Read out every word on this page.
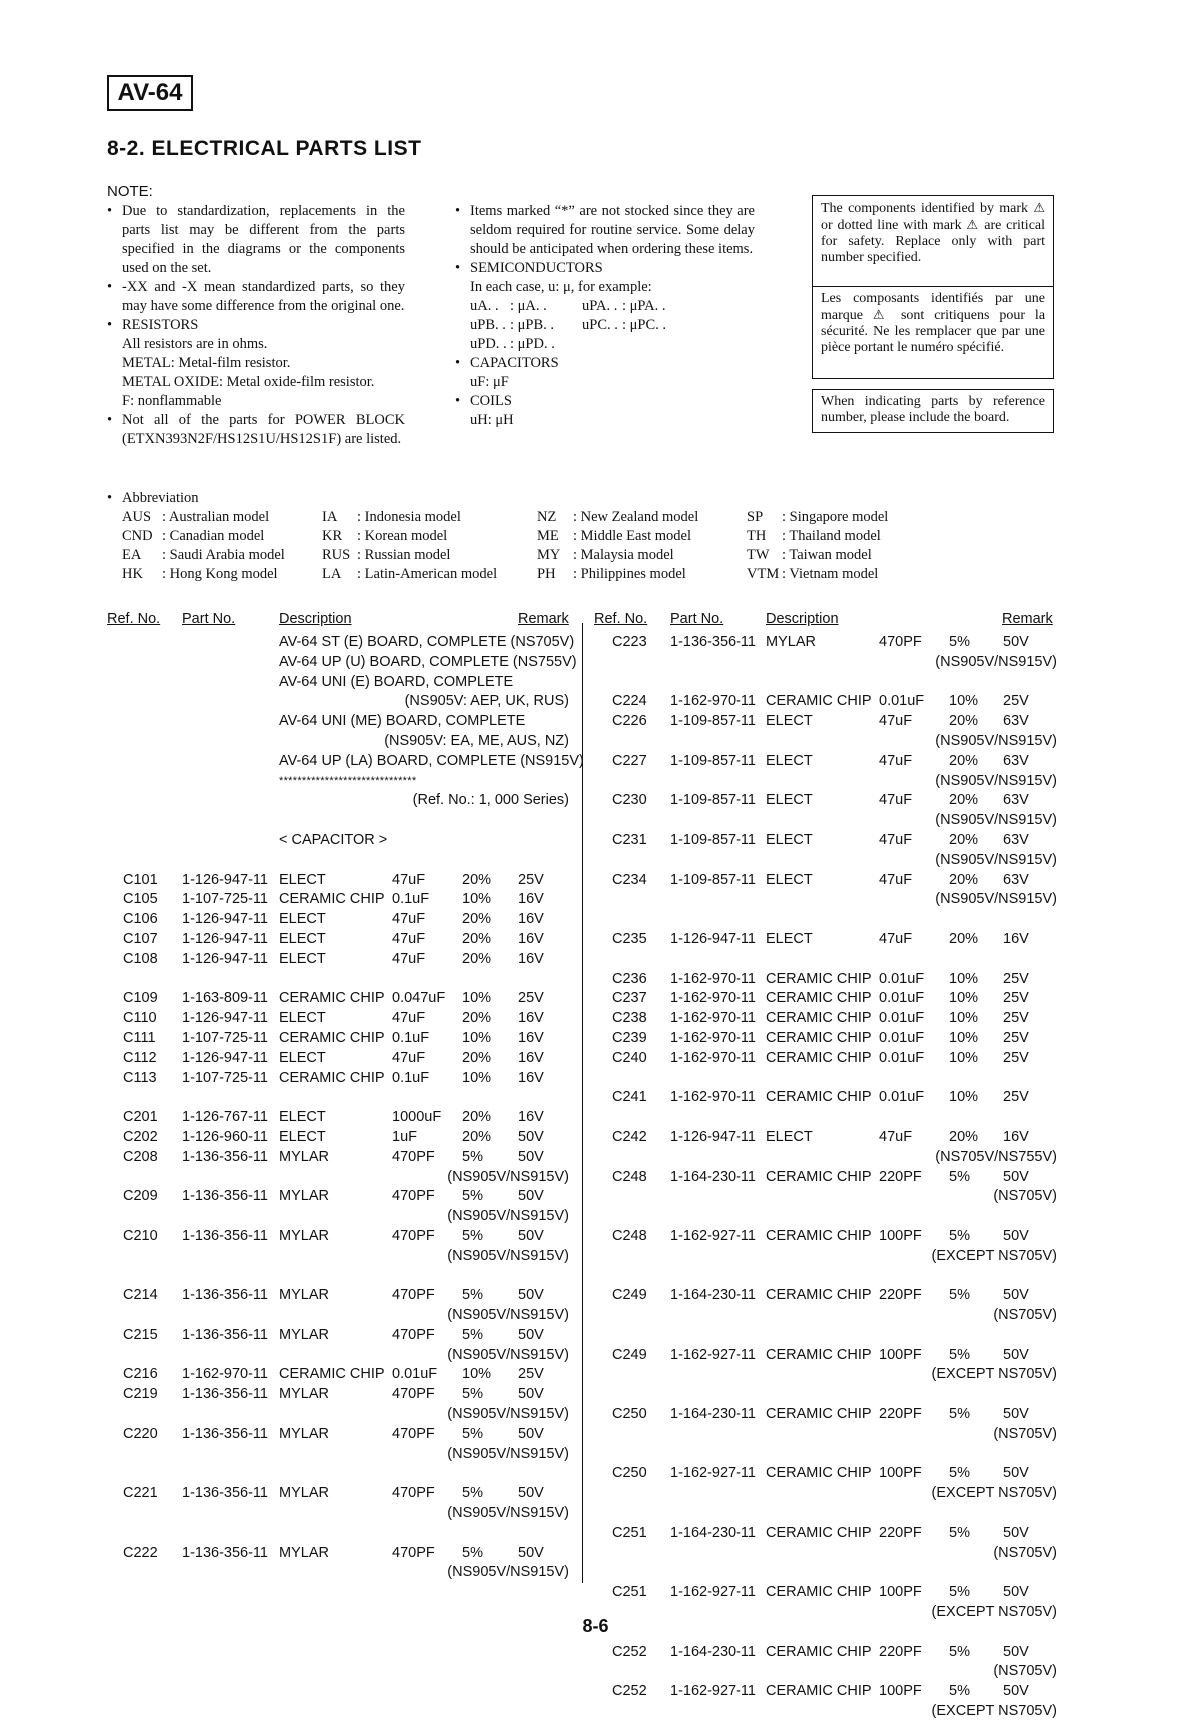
AV-64
8-2. ELECTRICAL PARTS LIST
NOTE:
• Due to standardization, replacements in the parts list may be different from the parts specified in the diagrams or the components used on the set.
• -XX and -X mean standardized parts, so they may have some difference from the original one.
• RESISTORS
All resistors are in ohms.
METAL: Metal-film resistor.
METAL OXIDE: Metal oxide-film resistor.
F: nonflammable
• Not all of the parts for POWER BLOCK (ETXN393N2F/HS12S1U/HS12S1F) are listed.
• Items marked “*” are not stocked since they are seldom required for routine service. Some delay should be anticipated when ordering these items.
• SEMICONDUCTORS
In each case, u: μ, for example:
uA. . : μA. .	uPA. . : μPA. .
uPB. . : μPB. .	uPC. . : μPC. .
uPD. . : μPD. .
• CAPACITORS
uF: μF
• COILS
uH: μH
• Abbreviation
AUS : Australian model
CND : Canadian model
EA	: Saudi Arabia model
HK	: Hong Kong model
IA	: Indonesia model
KR	: Korean model
RUS : Russian model
LA	: Latin-American model
NZ	: New Zealand model
ME : Middle East model
MY : Malaysia model
PH	: Philippines model
SP	: Singapore model
TH	: Thailand model
TW : Taiwan model
VTM : Vietnam model
The components identified by mark ⚠ or dotted line with mark ⚠ are critical for safety. Replace only with part number specified.
Les composants identifiés par une marque ⚠ sont critiquens pour la sécurité. Ne les remplacer que par une pièce portant le numéro spécifié.
When indicating parts by reference number, please include the board.
Ref. No. Part No.	Description	Remark Ref. No. Part No.	Description	Remark
AV-64 ST (E) BOARD, COMPLETE (NS705V)
AV-64 UP (U) BOARD, COMPLETE (NS755V)
AV-64 UNI (E) BOARD, COMPLETE
(NS905V: AEP, UK, RUS)
AV-64 UNI (ME) BOARD, COMPLETE
(NS905V: EA, ME, AUS, NZ)
AV-64 UP (LA) BOARD, COMPLETE (NS915V)
******************************
(Ref. No.: 1, 000 Series)
< CAPACITOR >
C101 1-126-947-11 ELECT	47uF	20% 25V
C105 1-107-725-11 CERAMIC CHIP 0.1uF 10% 16V
C106 1-126-947-11 ELECT	47uF	20% 16V
C107 1-126-947-11 ELECT	47uF	20% 16V
C108 1-126-947-11 ELECT	47uF	20% 16V
C109 1-163-809-11 CERAMIC CHIP 0.047uF 10% 25V
C110 1-126-947-11 ELECT	47uF	20% 16V
C111 1-107-725-11 CERAMIC CHIP 0.1uF 10% 16V
C112 1-126-947-11 ELECT	47uF	20% 16V
C113 1-107-725-11 CERAMIC CHIP 0.1uF 10% 16V
C201 1-126-767-11 ELECT	1000uF 20% 16V
C202 1-126-960-11 ELECT	1uF	20% 50V
C208 1-136-356-11 MYLAR	470PF 5% 50V
(NS905V/NS915V)
C209 1-136-356-11 MYLAR	470PF 5% 50V
(NS905V/NS915V)
C210 1-136-356-11 MYLAR	470PF 5% 50V
(NS905V/NS915V)
C214 1-136-356-11 MYLAR	470PF 5% 50V
(NS905V/NS915V)
C215 1-136-356-11 MYLAR	470PF 5% 50V
(NS905V/NS915V)
C216 1-162-970-11 CERAMIC CHIP 0.01uF 10% 25V
C219 1-136-356-11 MYLAR	470PF 5% 50V
(NS905V/NS915V)
C220 1-136-356-11 MYLAR	470PF 5% 50V
(NS905V/NS915V)
C221 1-136-356-11 MYLAR	470PF 5% 50V
(NS905V/NS915V)
C222 1-136-356-11 MYLAR	470PF 5% 50V
(NS905V/NS915V)
C223 1-136-356-11 MYLAR	470PF 5% 50V
(NS905V/NS915V)
C224 1-162-970-11 CERAMIC CHIP 0.01uF 10% 25V
C226 1-109-857-11 ELECT	47uF	20% 63V
(NS905V/NS915V)
C227 1-109-857-11 ELECT	47uF	20% 63V
(NS905V/NS915V)
C230 1-109-857-11 ELECT	47uF	20% 63V
(NS905V/NS915V)
C231 1-109-857-11 ELECT	47uF	20% 63V
(NS905V/NS915V)
C234 1-109-857-11 ELECT	47uF	20% 63V
(NS905V/NS915V)
C235 1-126-947-11 ELECT	47uF	20% 16V
C236 1-162-970-11 CERAMIC CHIP 0.01uF 10% 25V
C237 1-162-970-11 CERAMIC CHIP 0.01uF 10% 25V
C238 1-162-970-11 CERAMIC CHIP 0.01uF 10% 25V
C239 1-162-970-11 CERAMIC CHIP 0.01uF 10% 25V
C240 1-162-970-11 CERAMIC CHIP 0.01uF 10% 25V
C241 1-162-970-11 CERAMIC CHIP 0.01uF 10% 25V
C242 1-126-947-11 ELECT	47uF	20% 16V
(NS705V/NS755V)
C248 1-164-230-11 CERAMIC CHIP 220PF 5% 50V
(NS705V)
C248 1-162-927-11 CERAMIC CHIP 100PF 5% 50V
(EXCEPT NS705V)
C249 1-164-230-11 CERAMIC CHIP 220PF 5% 50V
(NS705V)
C249 1-162-927-11 CERAMIC CHIP 100PF 5% 50V
(EXCEPT NS705V)
C250 1-164-230-11 CERAMIC CHIP 220PF 5% 50V
(NS705V)
C250 1-162-927-11 CERAMIC CHIP 100PF 5% 50V
(EXCEPT NS705V)
C251 1-164-230-11 CERAMIC CHIP 220PF 5% 50V
(NS705V)
C251 1-162-927-11 CERAMIC CHIP 100PF 5% 50V
(EXCEPT NS705V)
C252 1-164-230-11 CERAMIC CHIP 220PF 5% 50V
(NS705V)
C252 1-162-927-11 CERAMIC CHIP 100PF 5% 50V
(EXCEPT NS705V)
8-6
